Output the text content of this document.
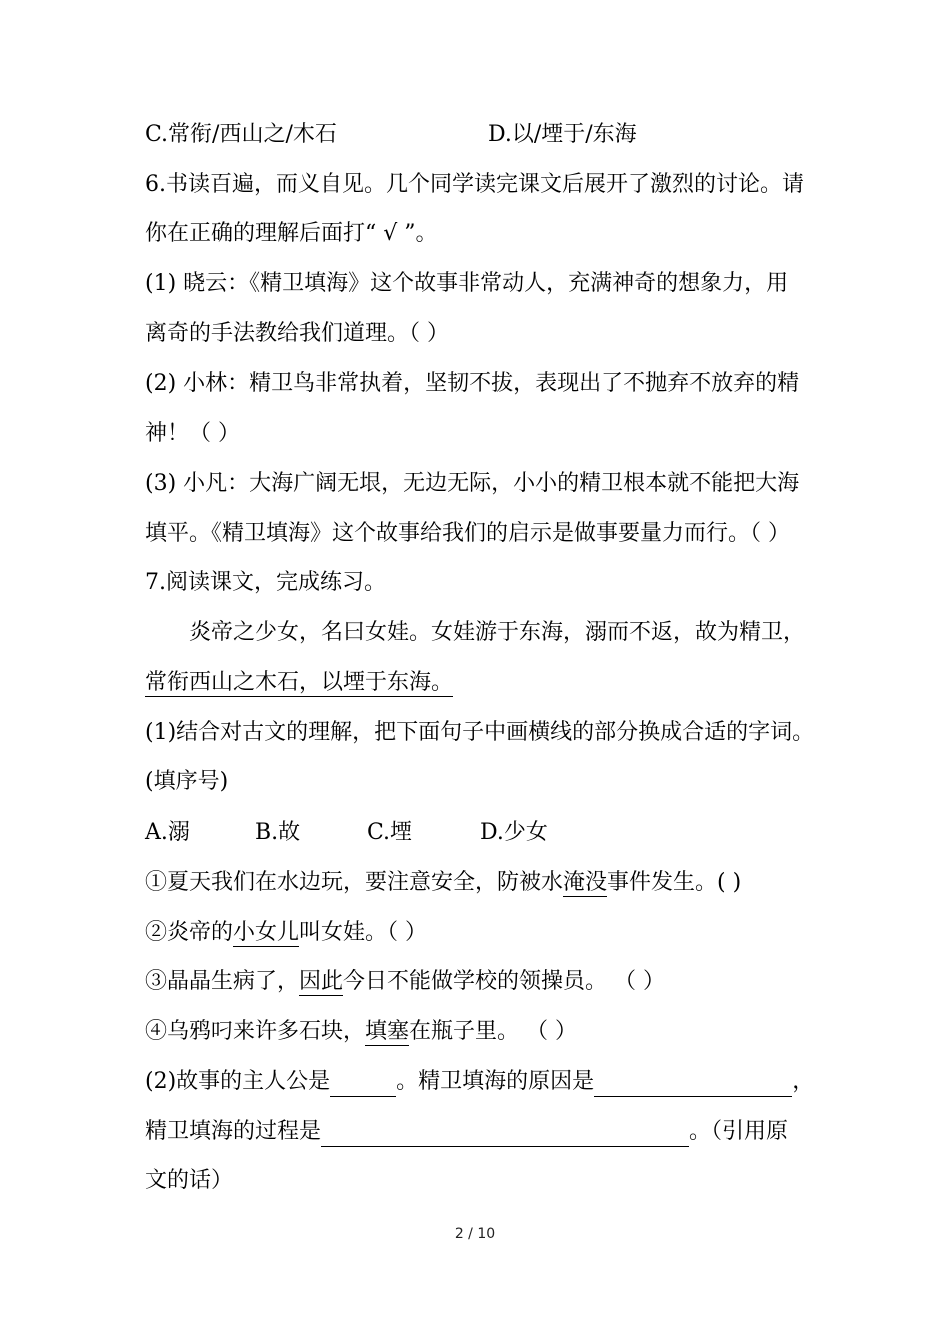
C.常衔/西山之/木石	D.以/堙于/东海
6.书读百遍，而义自见。几个同学读完课文后展开了激烈的讨论。请
你在正确的理解后面打“ √ ”。
(1) 晓云：《精卫填海》这个故事非常动人，充满神奇的想象力，用
离奇的手法教给我们道理。（ ）
(2) 小林：精卫鸟非常执着，坚韧不拔，表现出了不抛弃不放弃的精
神！（ ）
(3) 小凡：大海广阔无垠，无边无际，小小的精卫根本就不能把大海
填平。《精卫填海》这个故事给我们的启示是做事要量力而行。（ ）
7.阅读课文，完成练习。
炎帝之少女，名曰女娃。女娃游于东海，溺而不返，故为精卫，
常衔西山之木石，以堙于东海。
(1)结合对古文的理解，把下面句子中画横线的部分换成合适的字词。
(填序号)
A.溺	B.故	C.堙	D.少女
①夏天我们在水边玩，要注意安全，防被水淹没事件发生。( )
②炎帝的小女儿叫女娃。（ ）
③晶晶生病了，因此今日不能做学校的领操员。 （ ）
④乌鸦叼来许多石块，填塞在瓶子里。 （ ）
(2)故事的主人公是	。精卫填海的原因是	，
精卫填海的过程是	。（引用原
文的话）
2 / 10
